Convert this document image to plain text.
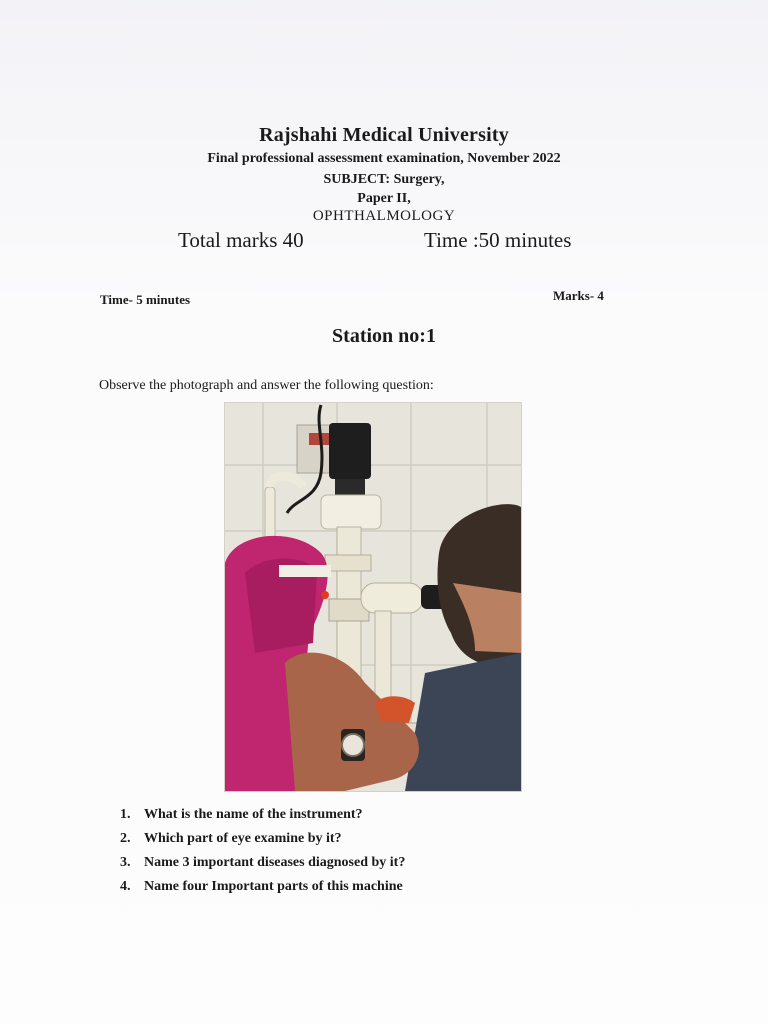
Rajshahi Medical University
Final professional assessment examination, November 2022
SUBJECT: Surgery,
Paper II,
OPHTHALMOLOGY
Total marks 40	Time :50 minutes
Time- 5 minutes	Marks- 4
Station no:1
Observe the photograph and answer the following question:
1. What is the name of the instrument?
2. Which part of eye examine by it?
3. Name 3 important diseases diagnosed by it?
4. Name four Important parts of this machine
